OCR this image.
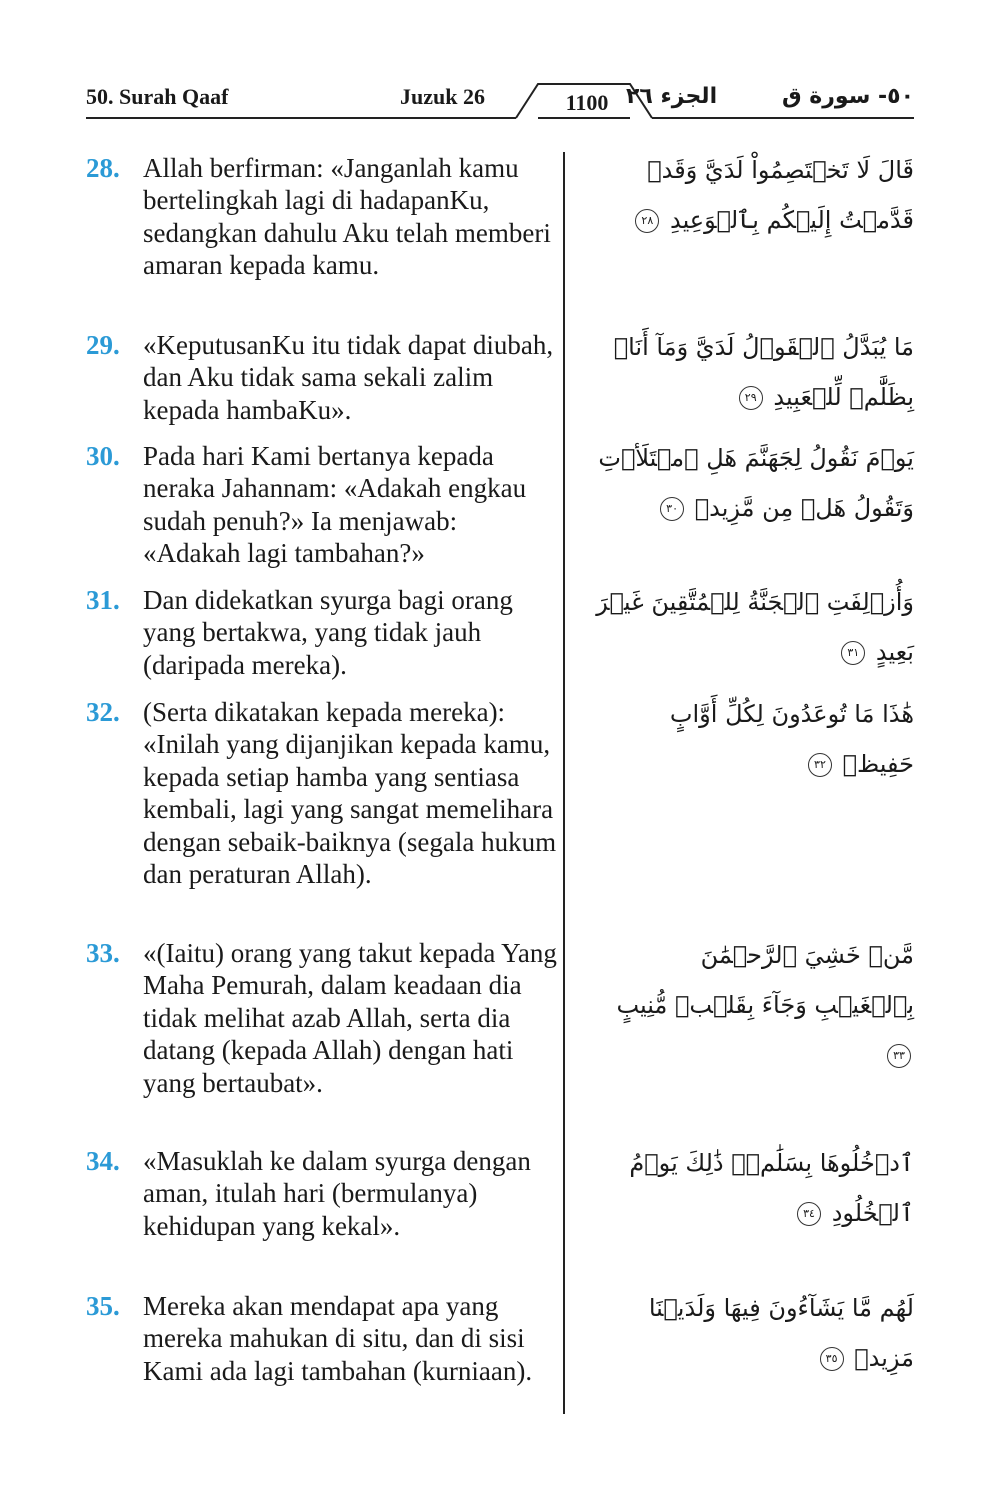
50. Surah Qaaf	Juzuk 26	1100 الجزء ٢٦	٥٠- سورة ق
28. Allah berfirman: «Janganlah kamu bertelingkah lagi di hadapanKu, sedangkan dahulu Aku telah memberi amaran kepada kamu.
قَالَ لَا تَخۡتَصِمُواْ لَدَيَّ وَقَدۡ قَدَّمۡتُ إِلَيۡكُم بِٱلۡوَعِيدِ ٢٨
29. «KeputusanKu itu tidak dapat diubah, dan Aku tidak sama sekali zalim kepada hambaKu».
مَا يُبَدَّلُ ٱلۡقَوۡلُ لَدَيَّ وَمَآ أَنَا۠ بِظَلَّٰمٖ لِّلۡعَبِيدِ ٢٩
30. Pada hari Kami bertanya kepada neraka Jahannam: «Adakah engkau sudah penuh?» Ia menjawab: «Adakah lagi tambahan?»
يَوۡمَ نَقُولُ لِجَهَنَّمَ هَلِ ٱمۡتَلَأۡتِ وَتَقُولُ هَلۡ مِن مَّزِيدٖ ٣٠
31. Dan didekatkan syurga bagi orang yang bertakwa, yang tidak jauh (daripada mereka).
وَأُزۡلِفَتِ ٱلۡجَنَّةُ لِلۡمُتَّقِينَ غَيۡرَ بَعِيدٍ ٣١
32. (Serta dikatakan kepada mereka): «Inilah yang dijanjikan kepada kamu, kepada setiap hamba yang sentiasa kembali, lagi yang sangat memelihara dengan sebaik-baiknya (segala hukum dan peraturan Allah).
هَٰذَا مَا تُوعَدُونَ لِكُلِّ أَوَّابٍ حَفِيظٖ ٣٢
33. «(Iaitu) orang yang takut kepada Yang Maha Pemurah, dalam keadaan dia tidak melihat azab Allah, serta dia datang (kepada Allah) dengan hati yang bertaubat».
مَّنۡ خَشِيَ ٱلرَّحۡمَٰنَ بِٱلۡغَيۡبِ وَجَآءَ بِقَلۡبٖ مُّنِيبٍ ٣٣
34. «Masuklah ke dalam syurga dengan aman, itulah hari (bermulanya) kehidupan yang kekal».
ٱدۡخُلُوهَا بِسَلَٰمٖۖ ذَٰلِكَ يَوۡمُ ٱلۡخُلُودِ ٣٤
35. Mereka akan mendapat apa yang mereka mahukan di situ, dan di sisi Kami ada lagi tambahan (kurniaan).
لَهُم مَّا يَشَآءُونَ فِيهَا وَلَدَيۡنَا مَزِيدٞ ٣٥
